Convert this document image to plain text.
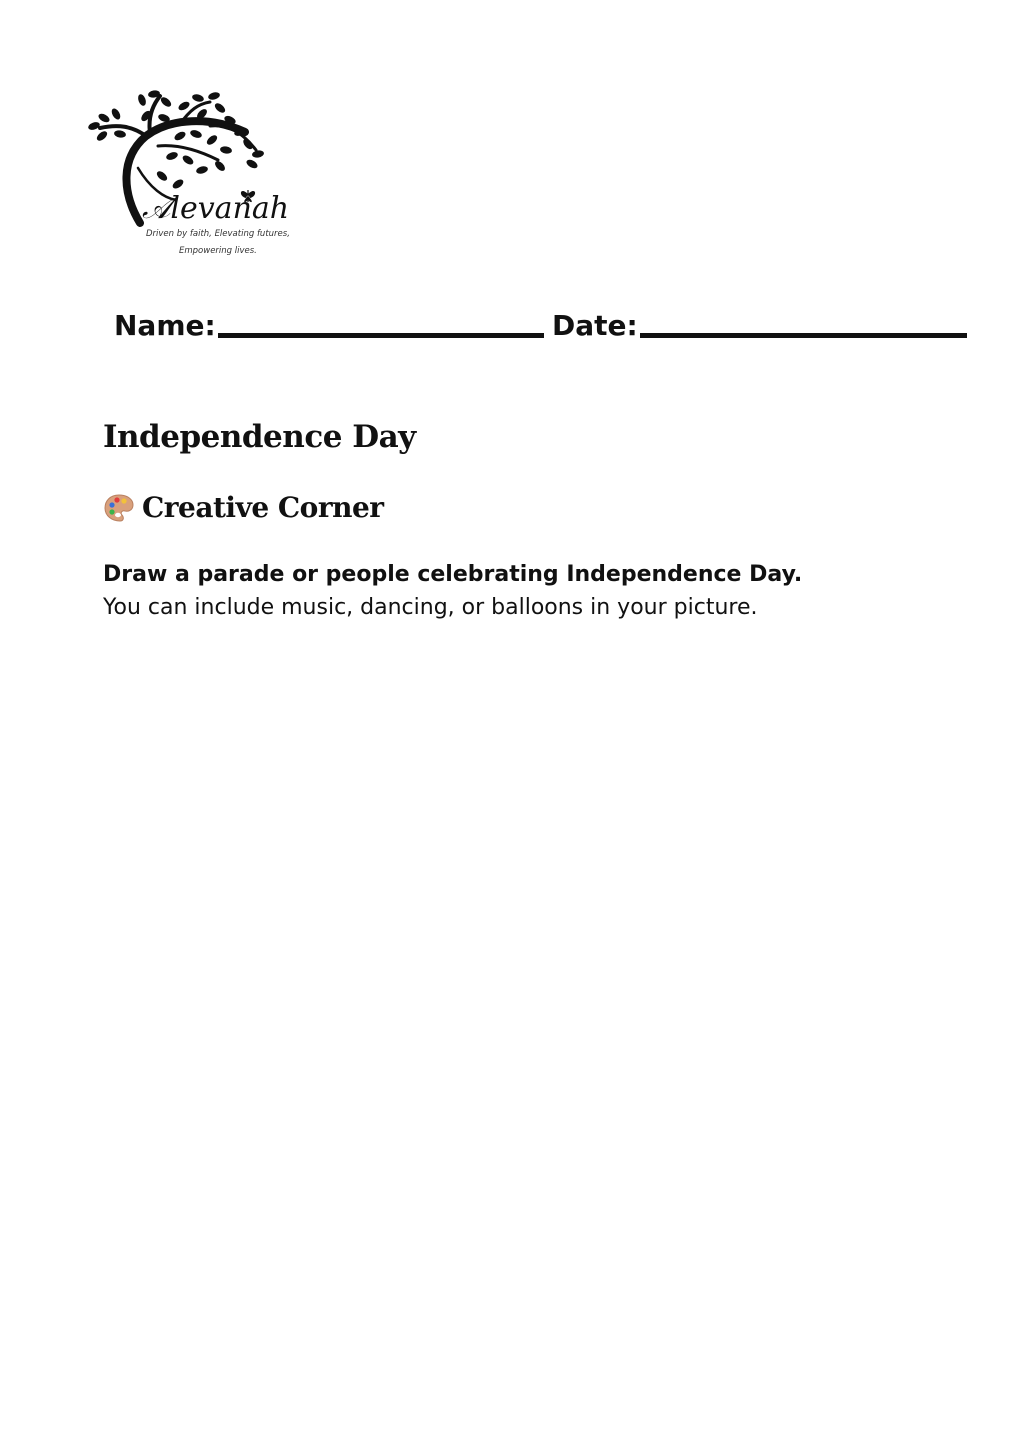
𝒜levanah
Driven by faith, Elevating futures,
Empowering lives.
Name:	Date:
Independence Day
Creative Corner

Draw a parade or people celebrating Independence Day.

You can include music, dancing, or balloons in your picture.
